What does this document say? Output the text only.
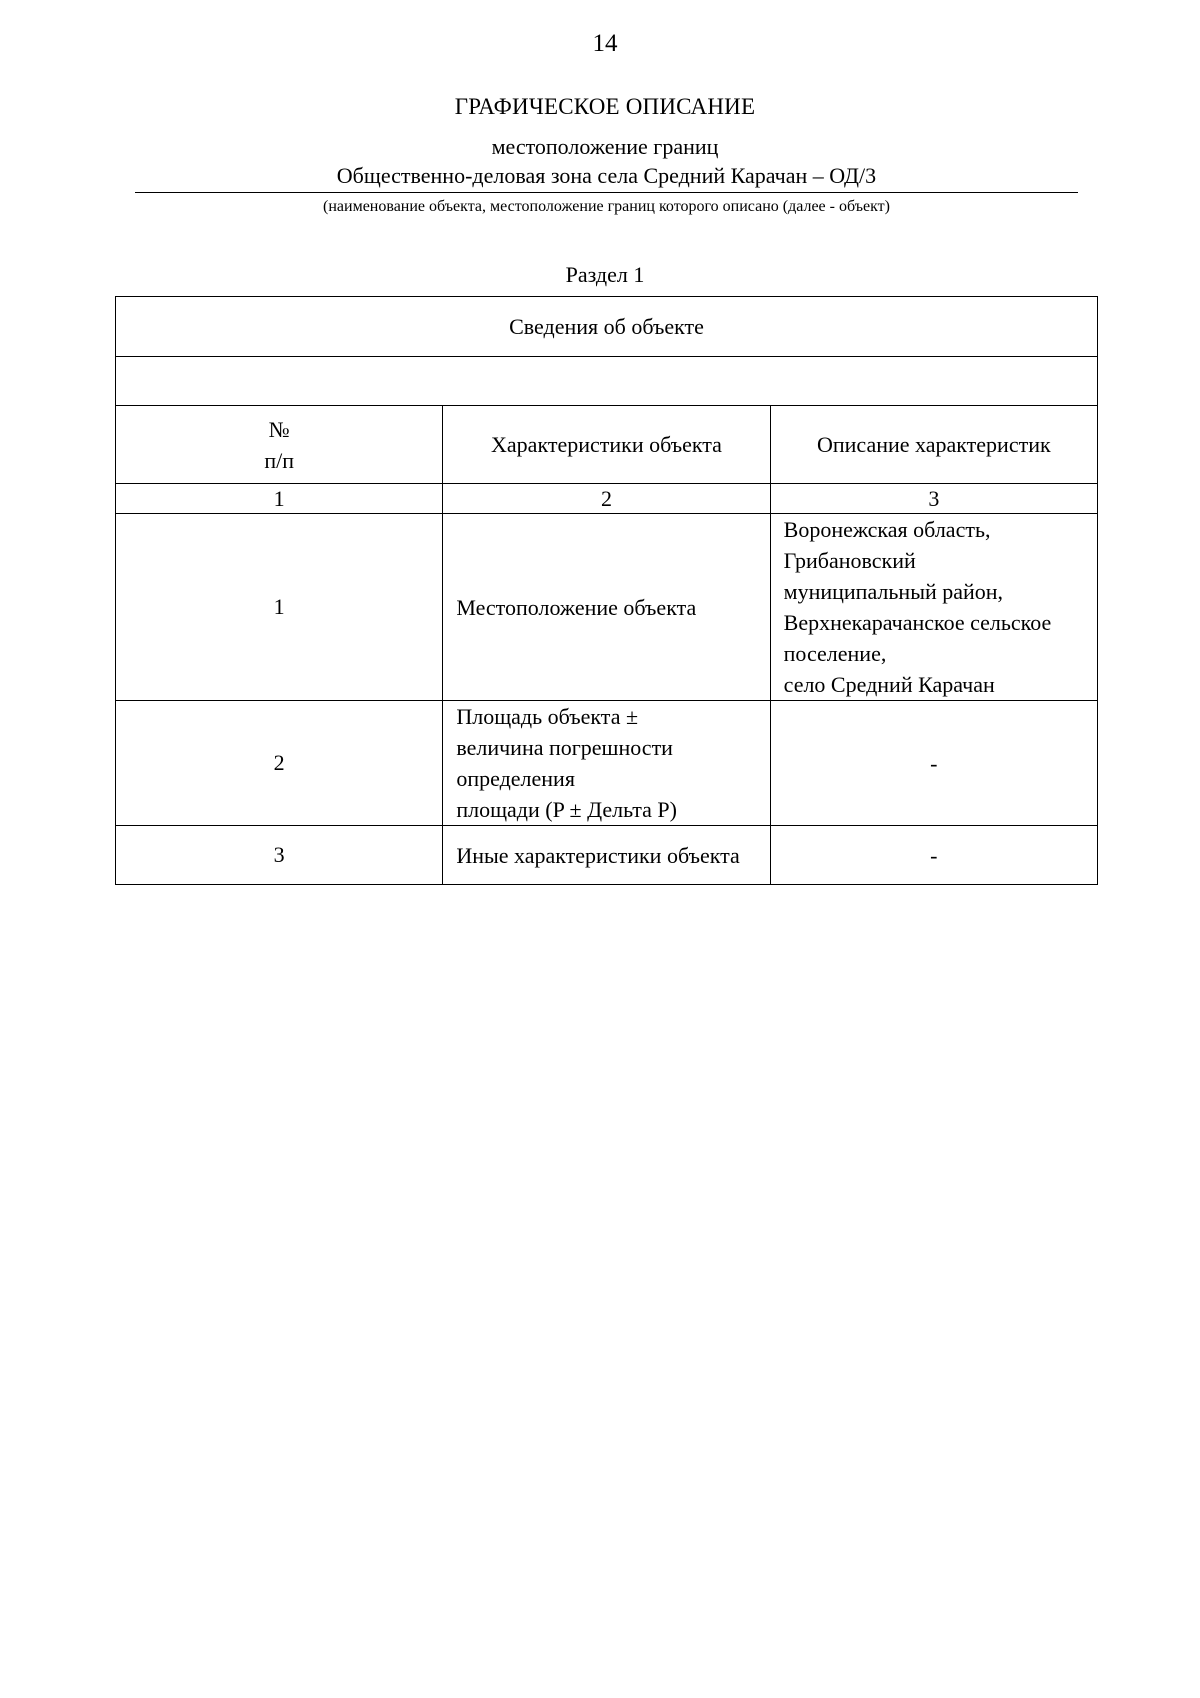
14
ГРАФИЧЕСКОЕ ОПИСАНИЕ
местоположение границ
Общественно-деловая зона села Средний Карачан – ОД/3
(наименование объекта, местоположение границ которого описано (далее - объект)
Раздел 1
Сведения об объекте		

№
п/п	Характеристики объекта	Описание характеристик
1	2	3
1	Местоположение объекта	Воронежская область, Грибановский
муниципальный район,
Верхнекарачанское сельское поселение,
село Средний Карачан

2	Площадь объекта ±
величина погрешности определения
площади (P ± Дельта P)	-

3	Иные характеристики объекта	-
